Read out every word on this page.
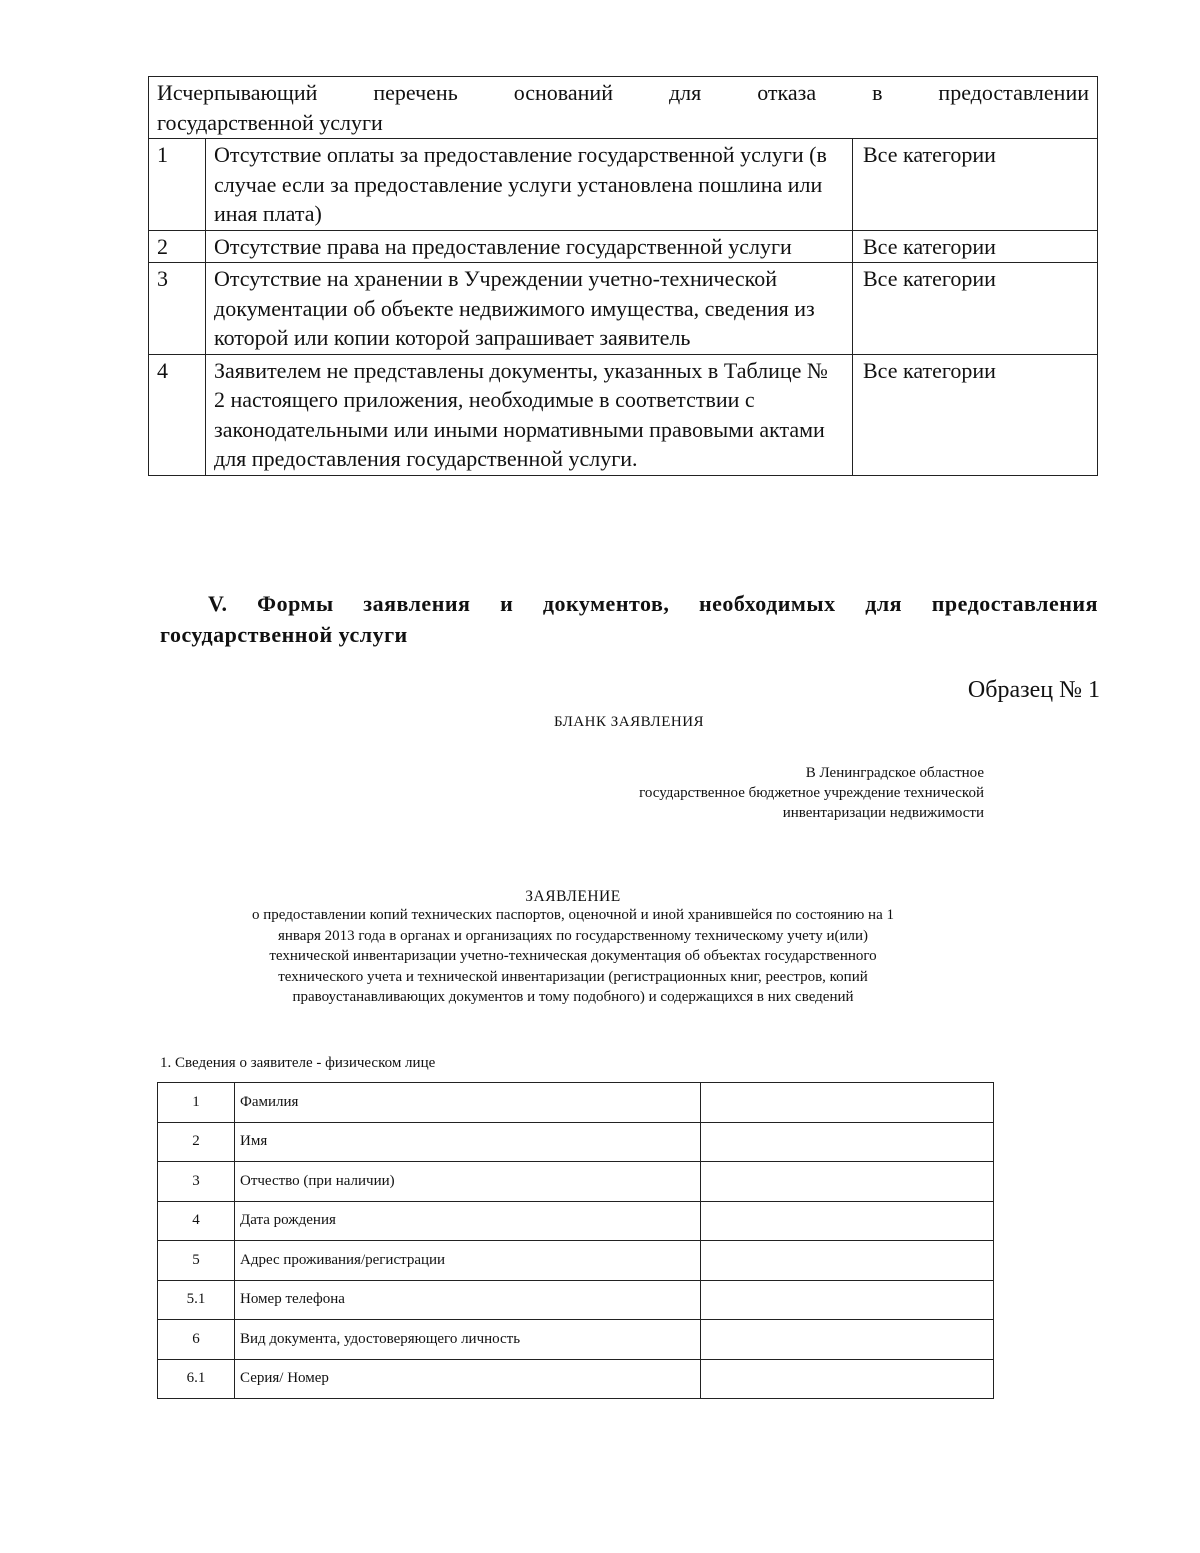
Исчерпывающий перечень оснований для отказа в предоставлении
государственной услуги		
1	Отсутствие оплаты за предоставление государственной услуги (в случае если за предоставление услуги установлена пошлина или иная плата)	Все категории
2	Отсутствие права на предоставление государственной услуги	Все категории
3	Отсутствие на хранении в Учреждении учетно-технической документации об объекте недвижимого имущества, сведения из которой или копии которой запрашивает заявитель	Все категории
4	Заявителем не представлены документы, указанных в Таблице № 2 настоящего приложения, необходимые в соответствии с законодательными или иными нормативными правовыми актами для предоставления государственной услуги.	Все категории
V. Формы заявления и документов, необходимых для предоставления
государственной услуги
Образец № 1
БЛАНК ЗАЯВЛЕНИЯ
В Ленинградское областное
государственное бюджетное учреждение технической
инвентаризации недвижимости
ЗАЯВЛЕНИЕ
о предоставлении копий технических паспортов, оценочной и иной хранившейся по состоянию на 1
января 2013 года в органах и организациях по государственному техническому учету и(или)
технической инвентаризации учетно-техническая документация об объектах государственного
технического учета и технической инвентаризации (регистрационных книг, реестров, копий
правоустанавливающих документов и тому подобного) и содержащихся в них сведений
1. Сведения о заявителе - физическом лице
1	Фамилия	
2	Имя	
3	Отчество (при наличии)	
4	Дата рождения	
5	Адрес проживания/регистрации	
5.1	Номер телефона	
6	Вид документа, удостоверяющего личность	
6.1	Серия/ Номер	
